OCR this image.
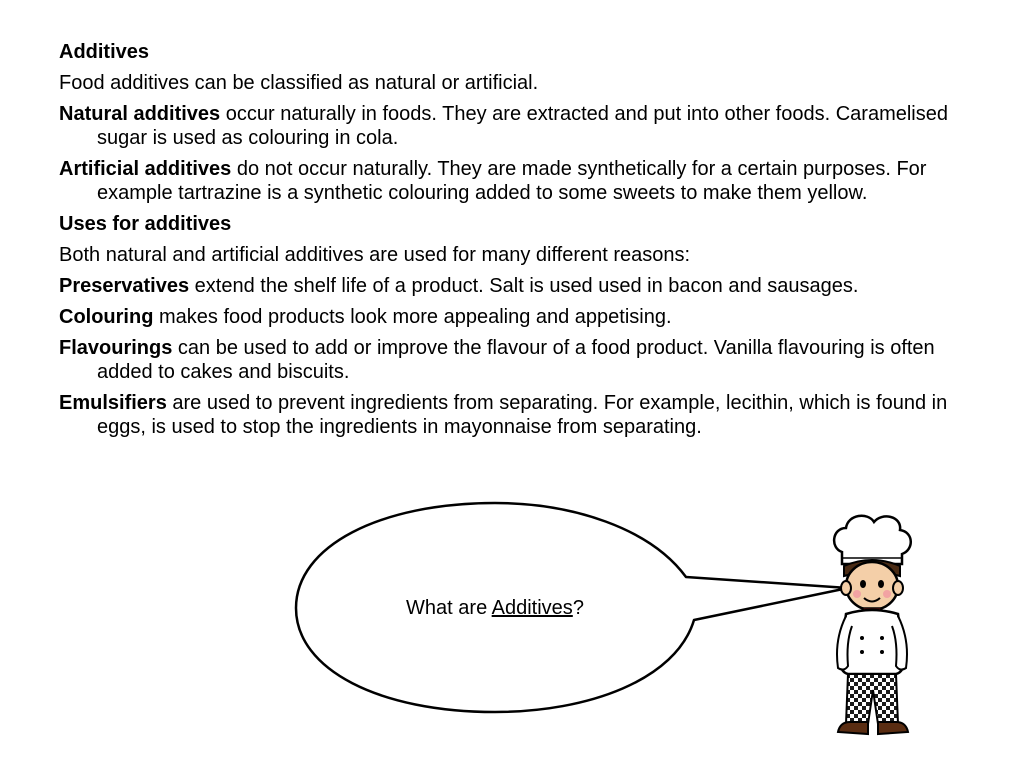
Additives

Food additives can be classified as natural or artificial.

Natural additives occur naturally in foods. They are extracted and put into other foods. Caramelised sugar is used as colouring in cola.

Artificial additives do not occur naturally. They are made synthetically for a certain purposes. For example tartrazine is a synthetic colouring added to some sweets to make them yellow.

Uses for additives

Both natural and artificial additives are used for many different reasons:

Preservatives extend the shelf life of a product. Salt is used used in bacon and sausages.

Colouring makes food products look more appealing and appetising.

Flavourings can be used to add or improve the flavour of a food product. Vanilla flavouring is often added to cakes and biscuits.

Emulsifiers are used to prevent ingredients from separating. For example, lecithin, which is found in eggs, is used to stop the ingredients in mayonnaise from separating.

What are Additives?
